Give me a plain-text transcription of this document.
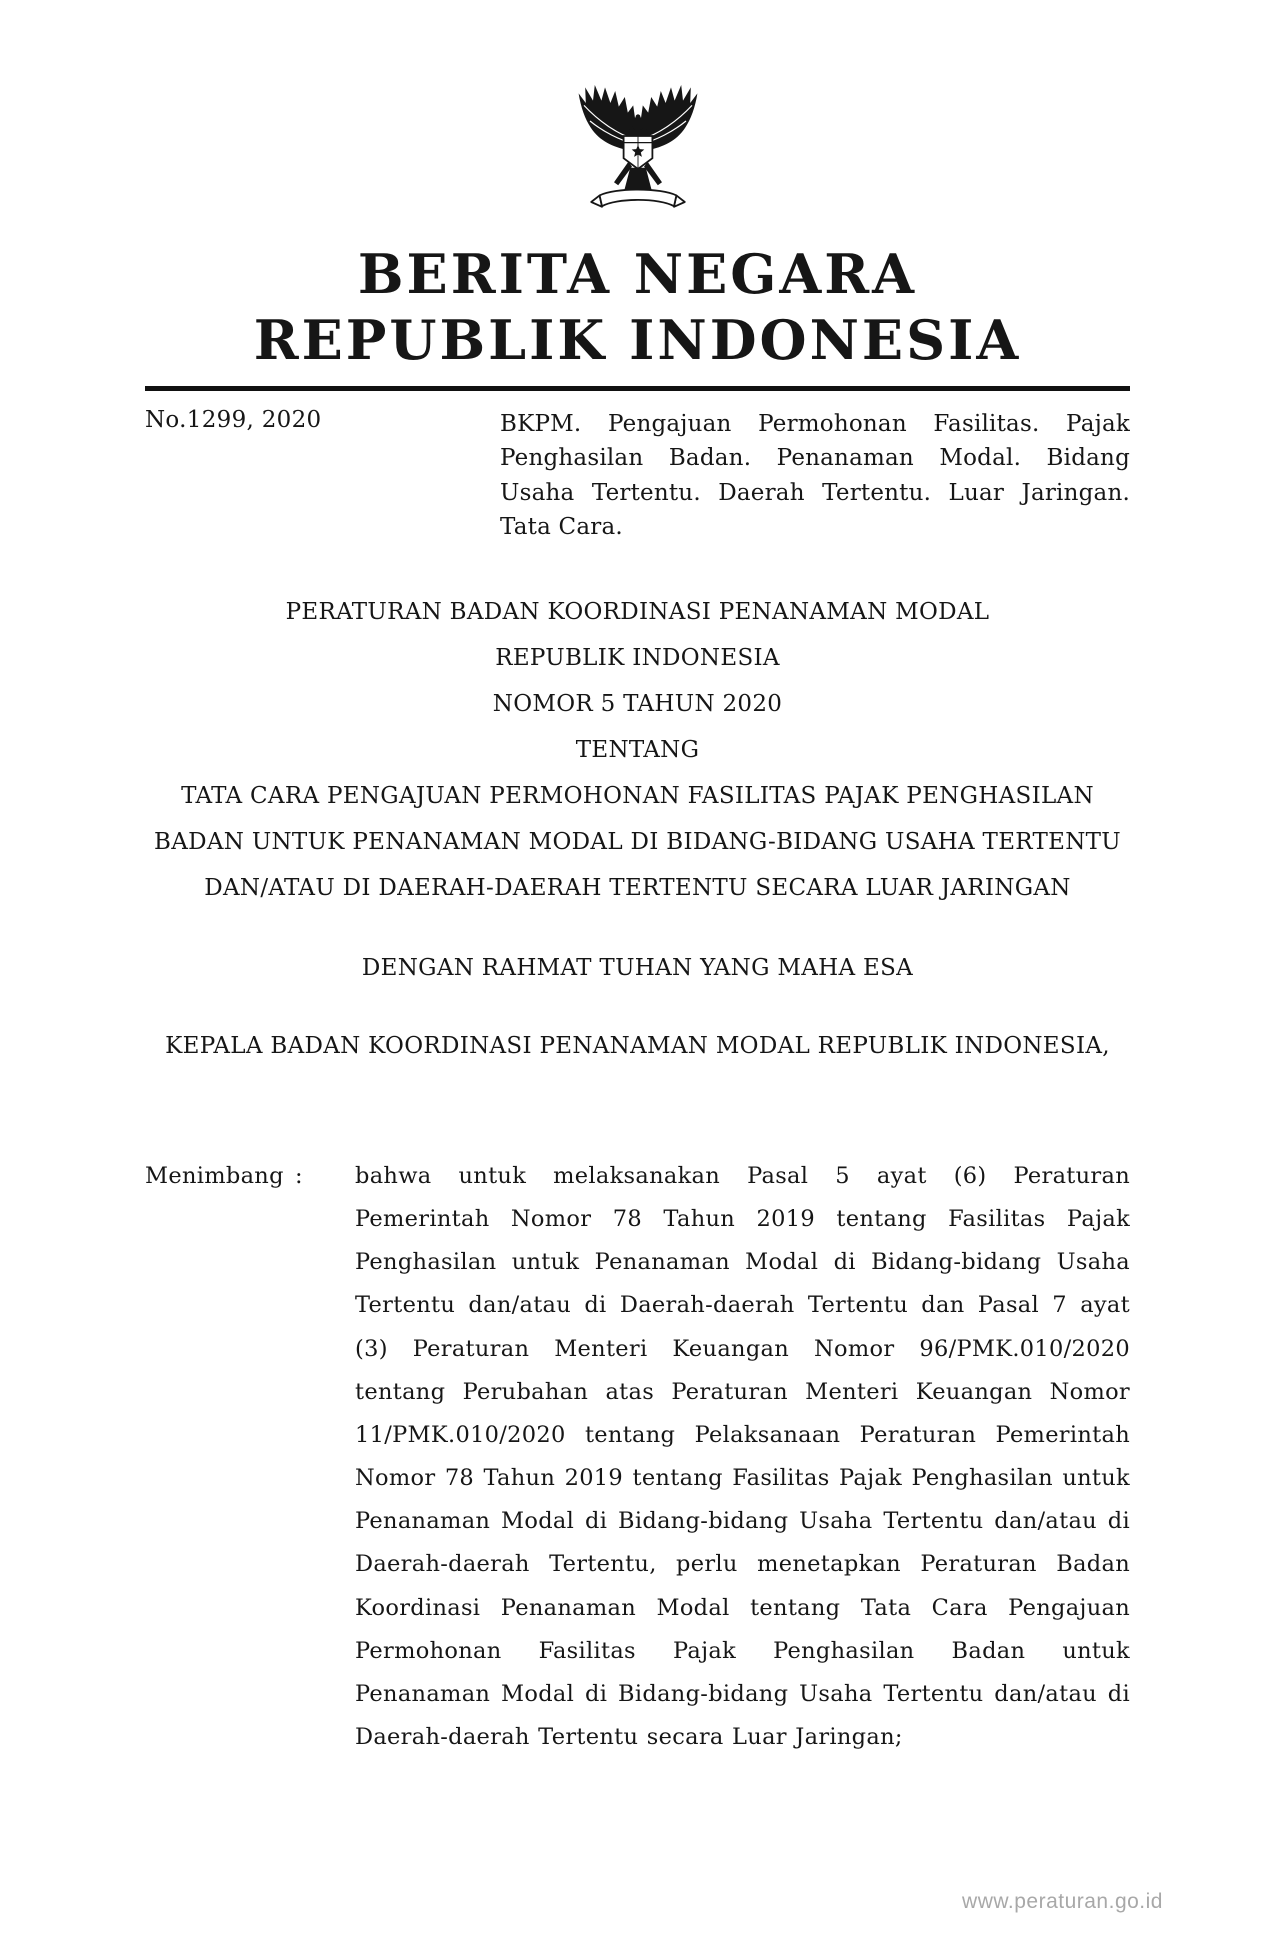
BERITA NEGARA
REPUBLIK INDONESIA
No.1299, 2020	BKPM. Pengajuan Permohonan Fasilitas. Pajak Penghasilan Badan. Penanaman Modal. Bidang Usaha Tertentu. Daerah Tertentu. Luar Jaringan. Tata Cara.

PERATURAN BADAN KOORDINASI PENANAMAN MODAL

REPUBLIK INDONESIA

NOMOR 5 TAHUN 2020

TENTANG

TATA CARA PENGAJUAN PERMOHONAN FASILITAS PAJAK PENGHASILAN BADAN UNTUK PENANAMAN MODAL DI BIDANG-BIDANG USAHA TERTENTU DAN/ATAU DI DAERAH-DAERAH TERTENTU SECARA LUAR JARINGAN

DENGAN RAHMAT TUHAN YANG MAHA ESA

KEPALA BADAN KOORDINASI PENANAMAN MODAL REPUBLIK INDONESIA,

Menimbang :	bahwa untuk melaksanakan Pasal 5 ayat (6) Peraturan Pemerintah Nomor 78 Tahun 2019 tentang Fasilitas Pajak Penghasilan untuk Penanaman Modal di Bidang-bidang Usaha Tertentu dan/atau di Daerah-daerah Tertentu dan Pasal 7 ayat (3) Peraturan Menteri Keuangan Nomor 96/PMK.010/2020 tentang Perubahan atas Peraturan Menteri Keuangan Nomor 11/PMK.010/2020 tentang Pelaksanaan Peraturan Pemerintah Nomor 78 Tahun 2019 tentang Fasilitas Pajak Penghasilan untuk Penanaman Modal di Bidang-bidang Usaha Tertentu dan/atau di Daerah-daerah Tertentu, perlu menetapkan Peraturan Badan Koordinasi Penanaman Modal tentang Tata Cara Pengajuan Permohonan Fasilitas Pajak Penghasilan Badan untuk Penanaman Modal di Bidang-bidang Usaha Tertentu dan/atau di Daerah-daerah Tertentu secara Luar Jaringan;

www.peraturan.go.id
